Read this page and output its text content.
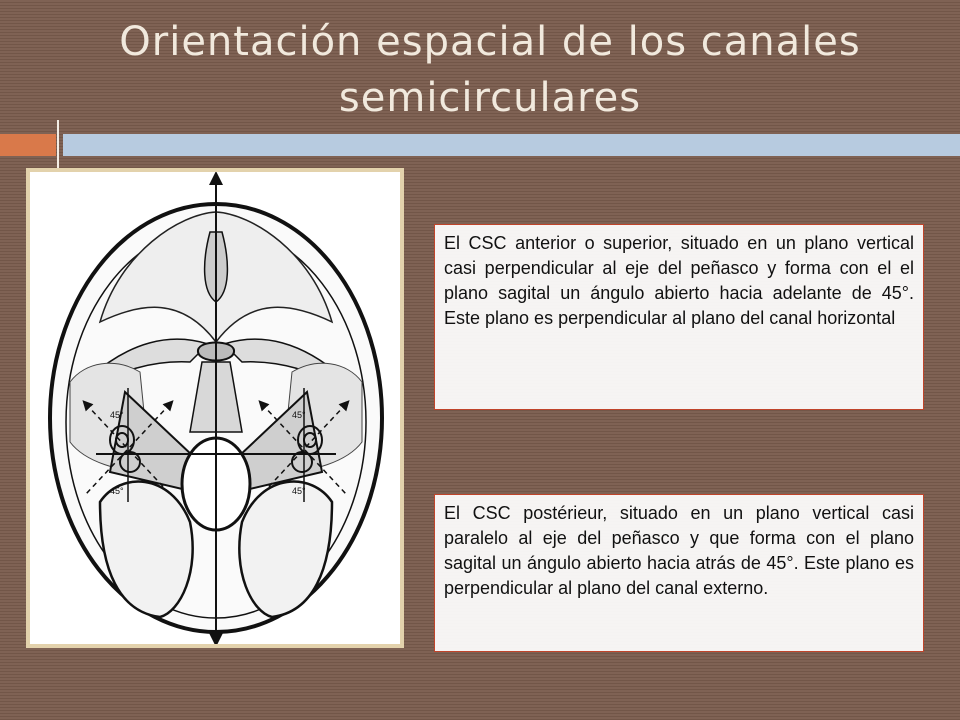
Orientación espacial de los canales semicirculares
45°	45°
45°	45°
El CSC anterior o superior, situado en un plano vertical casi perpendicular al eje del peñasco y forma con el el plano sagital un ángulo abierto hacia adelante de 45°. Este plano es perpendicular al plano del canal horizontal
El CSC postérieur, situado en un plano vertical casi paralelo al eje del peñasco y que forma con el plano sagital un ángulo abierto hacia atrás de 45°. Este plano es perpendicular al plano del canal externo.
